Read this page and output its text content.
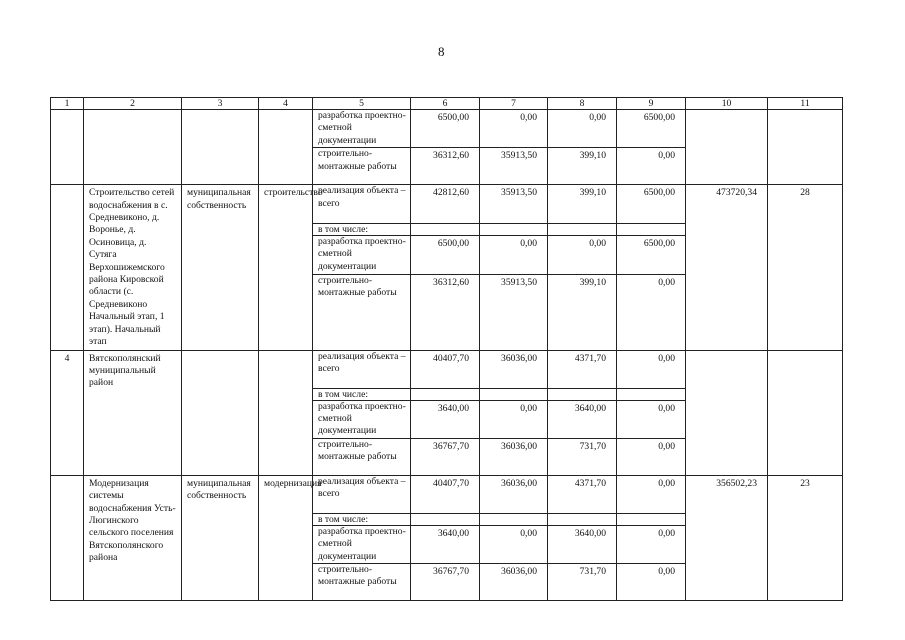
8
1	2	3	4	5	6	7	8	9	10	11
				разработка проектно-сметной документации	6500,00	0,00	0,00	6500,00		
				строительно-монтажные работы	36312,60	35913,50	399,10	0,00		
	Строительство сетей водоснабжения в с. Средневиконо, д. Воронье, д. Осиновица, д. Сутяга Верхошижемского района Кировской области (с. Средневиконо Начальный этап, 1 этап). Начальный этап	муниципальная собственность	строительство	реализация объекта – всего	42812,60	35913,50	399,10	6500,00	473720,34	28
				в том числе:						
				разработка проектно-сметной документации	6500,00	0,00	0,00	6500,00		
				строительно-монтажные работы	36312,60	35913,50	399,10	0,00		
4	Вятскополянский муниципальный район			реализация объекта – всего	40407,70	36036,00	4371,70	0,00		
				в том числе:						
				разработка проектно-сметной документации	3640,00	0,00	3640,00	0,00		
				строительно-монтажные работы	36767,70	36036,00	731,70	0,00		
	Модернизация системы водоснабжения Усть-Люгинского сельского поселения Вятскополянского района	муниципальная собственность	модернизация	реализация объекта – всего	40407,70	36036,00	4371,70	0,00	356502,23	23
				в том числе:						
				разработка проектно-сметной документации	3640,00	0,00	3640,00	0,00		
				строительно-монтажные работы	36767,70	36036,00	731,70	0,00		
